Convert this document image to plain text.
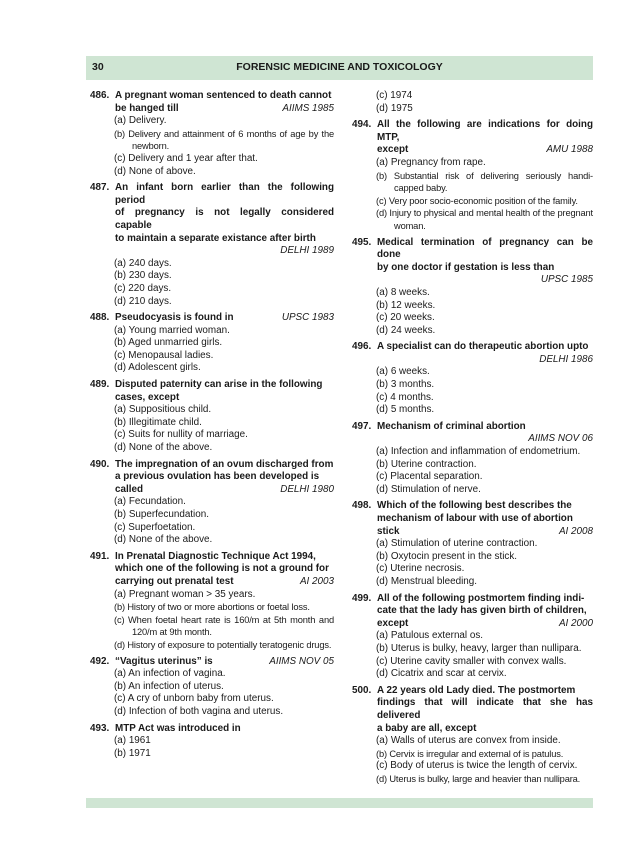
30	FORENSIC MEDICINE AND TOXICOLOGY
486. A pregnant woman sentenced to death cannot
AIIMS 1985
be hanged till
(a) Delivery.
(b) Delivery and attainment of 6 months of age by the newborn.
(c) Delivery and 1 year after that.
(d) None of above.
487. An infant born earlier than the following period
of pregnancy is not legally considered capable
to maintain a separate existance after birth
DELHI 1989
(a) 240 days.
(b) 230 days.
(c) 220 days.
(d) 210 days.
488.	UPSC 1983
Pseudocyasis is found in
(a) Young married woman.
(b) Aged unmarried girls.
(c) Menopausal ladies.
(d) Adolescent girls.
489. Disputed paternity can arise in the following
cases, except
(a) Suppositious child.
(b) Illegitimate child.
(c) Suits for nullity of marriage.
(d) None of the above.
490. The impregnation of an ovum discharged from
a previous ovulation has been developed is
DELHI 1980
called
(a) Fecundation.
(b) Superfecundation.
(c) Superfoetation.
(d) None of the above.
491. In Prenatal Diagnostic Technique Act 1994,
which one of the following is not a ground for
AI 2003
carrying out prenatal test
(a) Pregnant woman > 35 years.
(b) History of two or more abortions or foetal loss.
(c) When foetal heart rate is 160/m at 5th month and 120/m at 9th month.
(d) History of exposure to potentially teratogenic drugs.
492.	AIIMS NOV 05
“Vagitus uterinus” is
(a) An infection of vagina.
(b) An infection of uterus.
(c) A cry of unborn baby from uterus.
(d) Infection of both vagina and uterus.
493. MTP Act was introduced in
(a) 1961
(b) 1971
(c) 1974
(d) 1975
494. All the following are indications for doing MTP,
AMU 1988
except
(a) Pregnancy from rape.
(b) Substantial risk of delivering seriously handi-capped baby.
(c) Very poor socio-economic position of the family.
(d) Injury to physical and mental health of the pregnant woman.
495. Medical termination of pregnancy can be done
by one doctor if gestation is less than
UPSC 1985
(a) 8 weeks.
(b) 12 weeks.
(c) 20 weeks.
(d) 24 weeks.
496. A specialist can do therapeutic abortion upto
DELHI 1986
(a) 6 weeks.
(b) 3 months.
(c) 4 months.
(d) 5 months.
497. Mechanism of criminal abortion
AIIMS NOV 06
(a) Infection and inflammation of endometrium.
(b) Uterine contraction.
(c) Placental separation.
(d) Stimulation of nerve.
498. Which of the following best describes the
mechanism of labour with use of abortion
AI 2008
stick
(a) Stimulation of uterine contraction.
(b) Oxytocin present in the stick.
(c) Uterine necrosis.
(d) Menstrual bleeding.
499. All of the following postmortem finding indi-
cate that the lady has given birth of children,
AI 2000
except
(a) Patulous external os.
(b) Uterus is bulky, heavy, larger than nullipara.
(c) Uterine cavity smaller with convex walls.
(d) Cicatrix and scar at cervix.
500. A 22 years old Lady died. The postmortem
findings that will indicate that she has delivered
a baby are all, except
(a) Walls of uterus are convex from inside.
(b) Cervix is irregular and external of is patulus.
(c) Body of uterus is twice the length of cervix.
(d) Uterus is bulky, large and heavier than nullipara.
